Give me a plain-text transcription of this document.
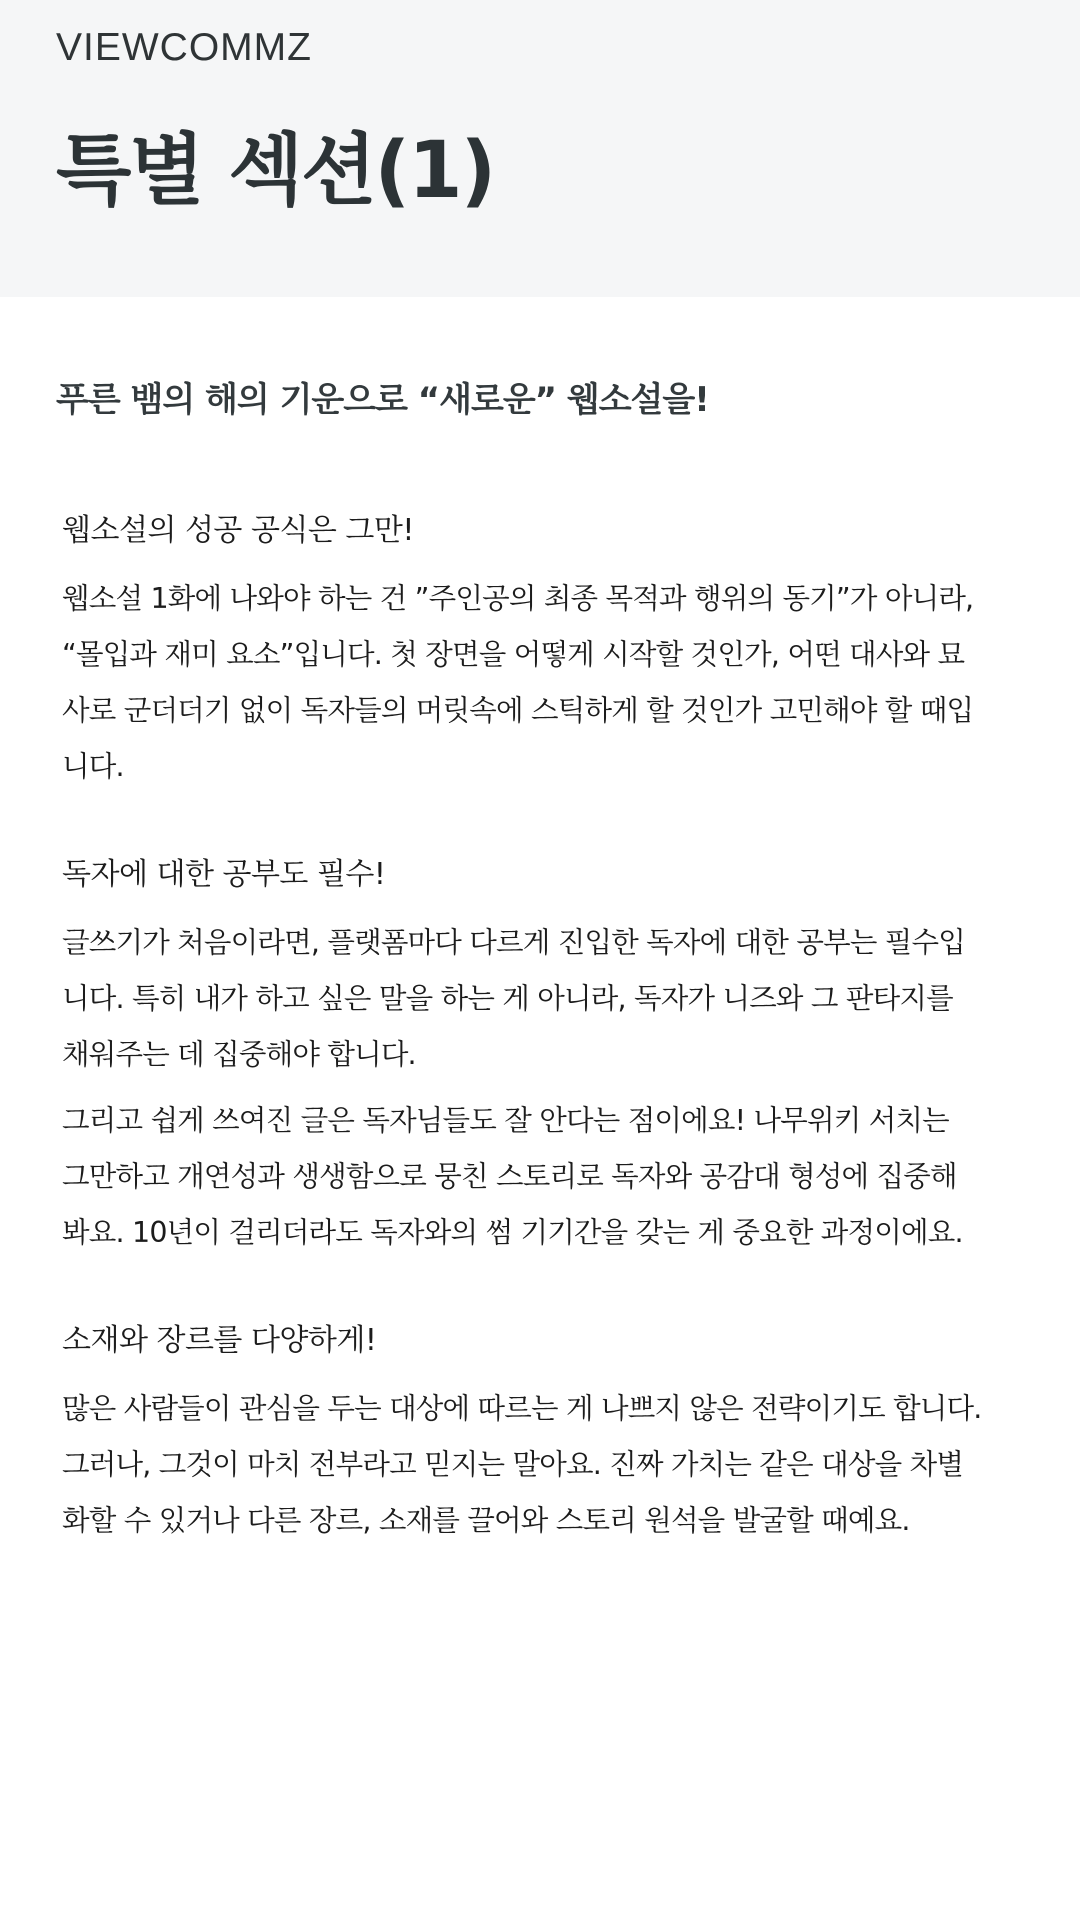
VIEWCOMMZ
특별 섹션(1)
푸른 뱀의 해의 기운으로 “새로운” 웹소설을!
웹소설의 성공 공식은 그만!
웹소설 1화에 나와야 하는 건 ”주인공의 최종 목적과 행위의 동기”가 아니라, “몰입과 재미 요소”입니다. 첫 장면을 어떻게 시작할 것인가, 어떤 대사와 묘사로 군더더기 없이 독자들의 머릿속에 스틱하게 할 것인가 고민해야 할 때입니다.
독자에 대한 공부도 필수!
글쓰기가 처음이라면, 플랫폼마다 다르게 진입한 독자에 대한 공부는 필수입니다. 특히 내가 하고 싶은 말을 하는 게 아니라, 독자가 니즈와 그 판타지를 채워주는 데 집중해야 합니다.
그리고 쉽게 쓰여진 글은 독자님들도 잘 안다는 점이에요! 나무위키 서치는 그만하고 개연성과 생생함으로 뭉친 스토리로 독자와 공감대 형성에 집중해 봐요. 10년이 걸리더라도 독자와의 썸 기기간을 갖는 게 중요한 과정이에요.
소재와 장르를 다양하게!
많은 사람들이 관심을 두는 대상에 따르는 게 나쁘지 않은 전략이기도 합니다. 그러나, 그것이 마치 전부라고 믿지는 말아요. 진짜 가치는 같은 대상을 차별화할 수 있거나 다른 장르, 소재를 끌어와 스토리 원석을 발굴할 때예요.
